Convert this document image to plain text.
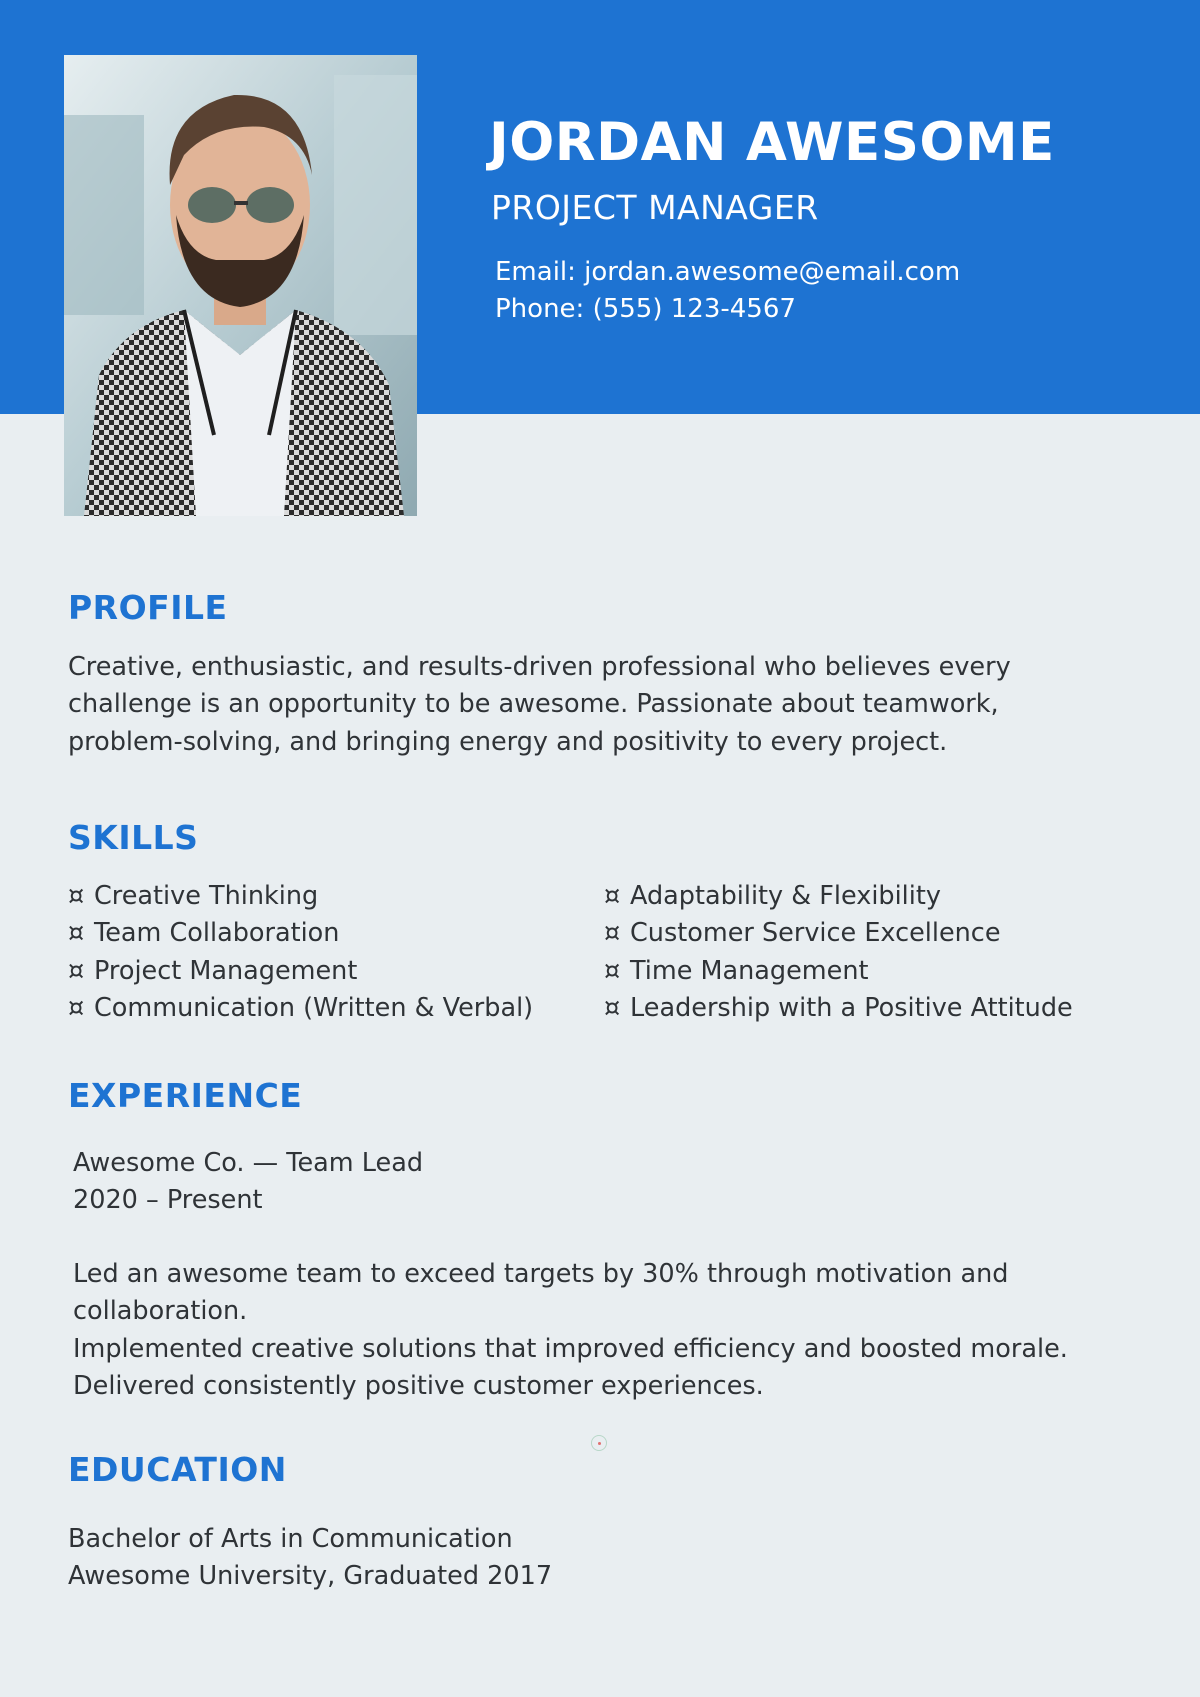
JORDAN AWESOME
PROJECT MANAGER
Email: jordan.awesome@email.com
Phone: (555) 123-4567
PROFILE
Creative, enthusiastic, and results-driven professional who believes every challenge is an opportunity to be awesome. Passionate about teamwork, problem-solving, and bringing energy and positivity to every project.
SKILLS
¤ Creative Thinking
¤ Team Collaboration
¤ Project Management
¤ Communication (Written & Verbal)
¤ Adaptability & Flexibility
¤ Customer Service Excellence
¤ Time Management
¤ Leadership with a Positive Attitude
EXPERIENCE
Awesome Co. — Team Lead
2020 – Present
Led an awesome team to exceed targets by 30% through motivation and collaboration.
Implemented creative solutions that improved efficiency and boosted morale.
Delivered consistently positive customer experiences.
EDUCATION
Bachelor of Arts in Communication
Awesome University, Graduated 2017
